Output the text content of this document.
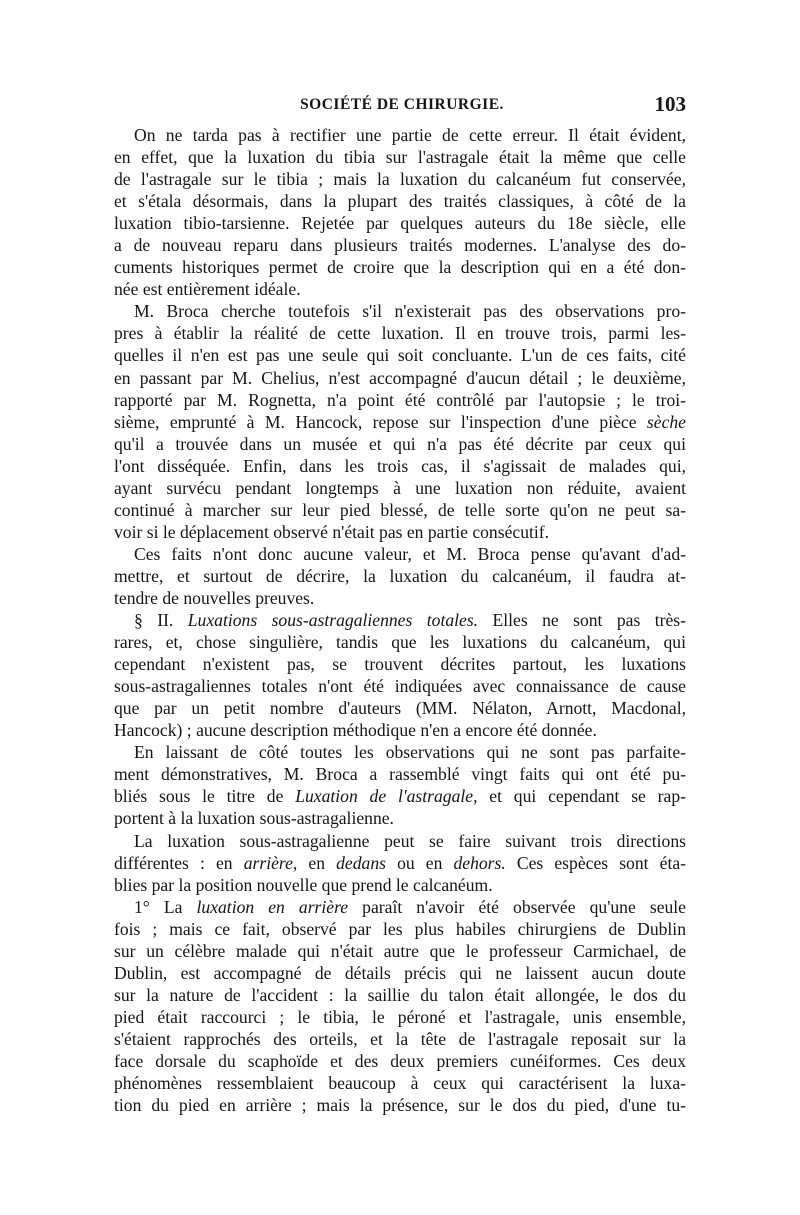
SOCIÉTÉ DE CHIRURGIE.	103
On ne tarda pas à rectifier une partie de cette erreur. Il était évident,
en effet, que la luxation du tibia sur l'astragale était la même que celle
de l'astragale sur le tibia ; mais la luxation du calcanéum fut conservée,
et s'étala désormais, dans la plupart des traités classiques, à côté de la
luxation tibio-tarsienne. Rejetée par quelques auteurs du 18e siècle, elle
a de nouveau reparu dans plusieurs traités modernes. L'analyse des do-
cuments historiques permet de croire que la description qui en a été don-
née est entièrement idéale.
M. Broca cherche toutefois s'il n'existerait pas des observations pro-
pres à établir la réalité de cette luxation. Il en trouve trois, parmi les-
quelles il n'en est pas une seule qui soit concluante. L'un de ces faits, cité
en passant par M. Chelius, n'est accompagné d'aucun détail ; le deuxième,
rapporté par M. Rognetta, n'a point été contrôlé par l'autopsie ; le troi-
sième, emprunté à M. Hancock, repose sur l'inspection d'une pièce sèche
qu'il a trouvée dans un musée et qui n'a pas été décrite par ceux qui
l'ont disséquée. Enfin, dans les trois cas, il s'agissait de malades qui,
ayant survécu pendant longtemps à une luxation non réduite, avaient
continué à marcher sur leur pied blessé, de telle sorte qu'on ne peut sa-
voir si le déplacement observé n'était pas en partie consécutif.
Ces faits n'ont donc aucune valeur, et M. Broca pense qu'avant d'ad-
mettre, et surtout de décrire, la luxation du calcanéum, il faudra at-
tendre de nouvelles preuves.
§ II. Luxations sous-astragaliennes totales. Elles ne sont pas très-
rares, et, chose singulière, tandis que les luxations du calcanéum, qui
cependant n'existent pas, se trouvent décrites partout, les luxations
sous-astragaliennes totales n'ont été indiquées avec connaissance de cause
que par un petit nombre d'auteurs (MM. Nélaton, Arnott, Macdonal,
Hancock) ; aucune description méthodique n'en a encore été donnée.
En laissant de côté toutes les observations qui ne sont pas parfaite-
ment démonstratives, M. Broca a rassemblé vingt faits qui ont été pu-
bliés sous le titre de Luxation de l'astragale, et qui cependant se rap-
portent à la luxation sous-astragalienne.
La luxation sous-astragalienne peut se faire suivant trois directions
différentes : en arrière, en dedans ou en dehors. Ces espèces sont éta-
blies par la position nouvelle que prend le calcanéum.
1° La luxation en arrière paraît n'avoir été observée qu'une seule
fois ; mais ce fait, observé par les plus habiles chirurgiens de Dublin
sur un célèbre malade qui n'était autre que le professeur Carmichael, de
Dublin, est accompagné de détails précis qui ne laissent aucun doute
sur la nature de l'accident : la saillie du talon était allongée, le dos du
pied était raccourci ; le tibia, le péroné et l'astragale, unis ensemble,
s'étaient rapprochés des orteils, et la tête de l'astragale reposait sur la
face dorsale du scaphoïde et des deux premiers cunéiformes. Ces deux
phénomènes ressemblaient beaucoup à ceux qui caractérisent la luxa-
tion du pied en arrière ; mais la présence, sur le dos du pied, d'une tu-
